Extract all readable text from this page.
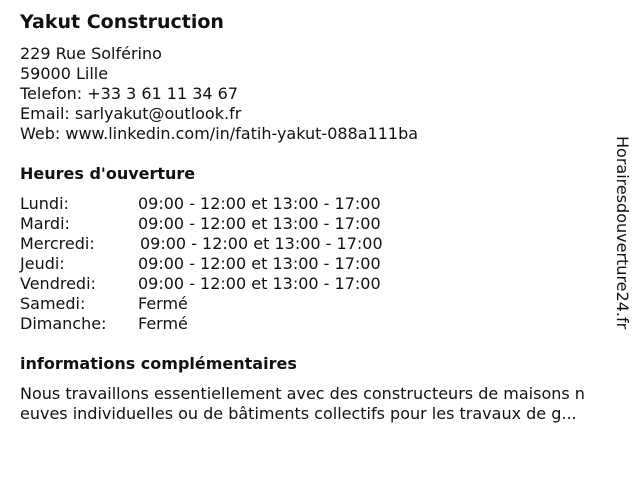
Yakut Construction
229 Rue Solférino
59000 Lille
Telefon: +33 3 61 11 34 67
Email: sarlyakut@outlook.fr
Web: www.linkedin.com/in/fatih-yakut-088a111ba
Heures d'ouverture
Lundi:	09:00 - 12:00 et 13:00 - 17:00
Mardi:	09:00 - 12:00 et 13:00 - 17:00
Mercredi:	09:00 - 12:00 et 13:00 - 17:00
Jeudi:	09:00 - 12:00 et 13:00 - 17:00
Vendredi:	09:00 - 12:00 et 13:00 - 17:00
Samedi:	Fermé
Dimanche: Fermé
informations complémentaires
Nous travaillons essentiellement avec des constructeurs de maisons n
euves individuelles ou de bâtiments collectifs pour les travaux de g...
Horairesdouverture24.fr
